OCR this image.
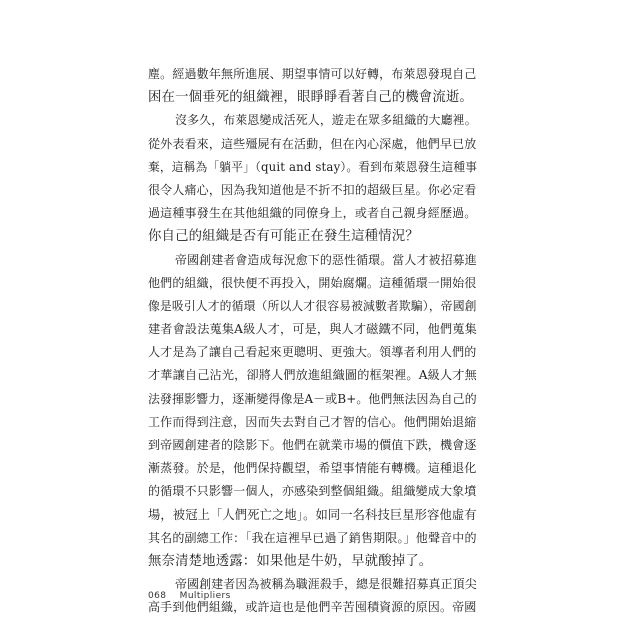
塵。經過數年無所進展、期望事情可以好轉，布萊恩發現自己
困在一個垂死的組織裡，眼睜睜看著自己的機會流逝。
沒多久，布萊恩變成活死人，遊走在眾多組織的大廳裡。
從外表看來，這些殭屍有在活動，但在內心深處，他們早已放
棄，這稱為「躺平」（quit and stay）。看到布萊恩發生這種事
很令人痛心，因為我知道他是不折不扣的超級巨星。你必定看
過這種事發生在其他組織的同僚身上，或者自己親身經歷過。
你自己的組織是否有可能正在發生這種情況？
帝國創建者會造成每況愈下的惡性循環。當人才被招募進
他們的組織，很快便不再投入，開始腐爛。這種循環一開始很
像是吸引人才的循環（所以人才很容易被減數者欺騙），帝國創
建者會設法蒐集A級人才，可是，與人才磁鐵不同，他們蒐集
人才是為了讓自己看起來更聰明、更強大。領導者利用人們的
才華讓自己沾光，卻將人們放進組織圖的框架裡。A級人才無
法發揮影響力，逐漸變得像是A－或B+。他們無法因為自己的
工作而得到注意，因而失去對自己才智的信心。他們開始退縮
到帝國創建者的陰影下。他們在就業市場的價值下跌，機會逐
漸蒸發。於是，他們保持觀望，希望事情能有轉機。這種退化
的循環不只影響一個人，亦感染到整個組織。組織變成大象墳
場，被冠上「人們死亡之地」。如同一名科技巨星形容他虛有
其名的副總工作：「我在這裡早已過了銷售期限。」他聲音中的
無奈清楚地透露：如果他是牛奶，早就酸掉了。
帝國創建者因為被稱為職涯殺手，總是很難招募真正頂尖
高手到他們組織，或許這也是他們辛苦囤積資源的原因。帝國
068 Multipliers
